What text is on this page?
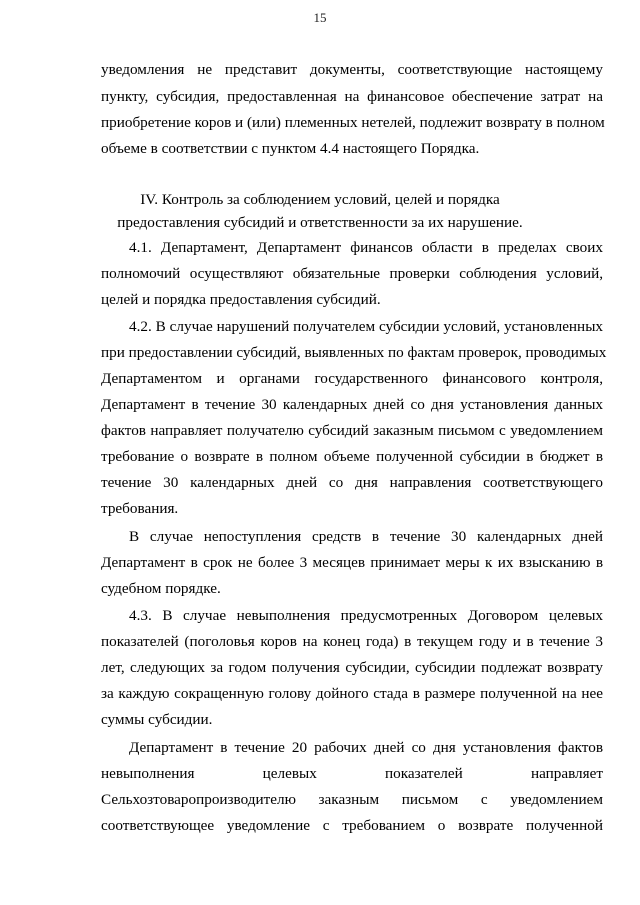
15
уведомления не представит документы, соответствующие настоящему
пункту, субсидия, предоставленная на финансовое обеспечение затрат на
приобретение коров и (или) племенных нетелей, подлежит возврату в полном
объеме в соответствии с пунктом 4.4 настоящего Порядка.
IV. Контроль за соблюдением условий, целей и порядка
предоставления субсидий и ответственности за их нарушение.
4.1. Департамент, Департамент финансов области в пределах своих
полномочий осуществляют обязательные проверки соблюдения условий,
целей и порядка предоставления субсидий.
4.2. В случае нарушений получателем субсидии условий, установленных
при предоставлении субсидий, выявленных по фактам проверок, проводимых
Департаментом и органами государственного финансового контроля,
Департамент в течение 30 календарных дней со дня установления данных
фактов направляет получателю субсидий заказным письмом с уведомлением
требование о возврате в полном объеме полученной субсидии в бюджет в
течение 30 календарных дней со дня направления соответствующего
требования.
В случае непоступления средств в течение 30 календарных дней
Департамент в срок не более 3 месяцев принимает меры к их взысканию в
судебном порядке.
4.3. В случае невыполнения предусмотренных Договором целевых
показателей (поголовья коров на конец года) в текущем году и в течение 3
лет, следующих за годом получения субсидии, субсидии подлежат возврату
за каждую сокращенную голову дойного стада в размере полученной на нее
суммы субсидии.
Департамент в течение 20 рабочих дней со дня установления фактов
невыполнения целевых показателей направляет
Сельхозтоваропроизводителю заказным письмом с уведомлением
соответствующее уведомление с требованием о возврате полученной
